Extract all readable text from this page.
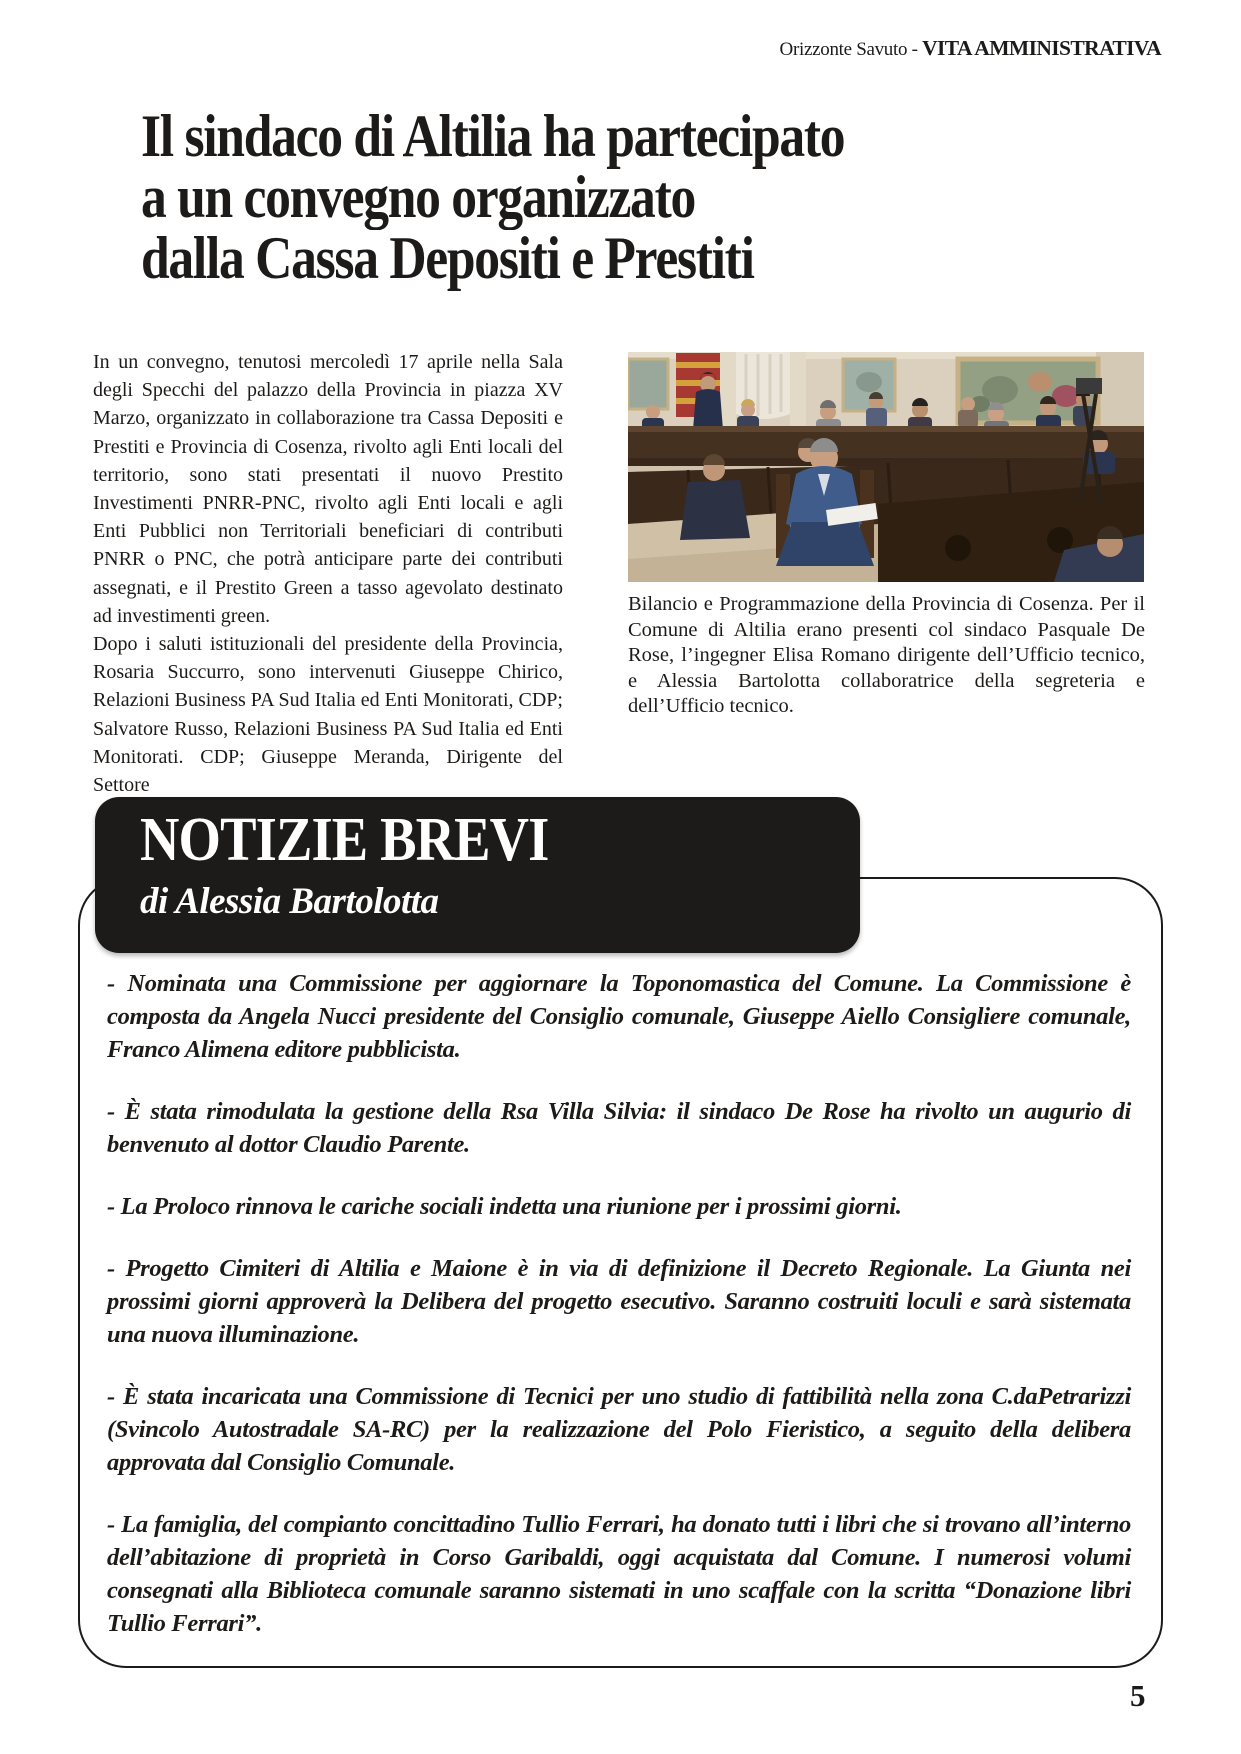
Orizzonte Savuto - VITA AMMINISTRATIVA
Il sindaco di Altilia ha partecipato
a un convegno organizzato
dalla Cassa Depositi e Prestiti

In un convegno, tenutosi mercoledì 17 aprile nella Sala degli Specchi del palazzo della Provincia in piazza XV Marzo, organizzato in collaborazione tra Cassa Depositi e Prestiti e Provincia di Cosenza, rivolto agli Enti locali del territorio, sono stati presentati il nuovo Prestito Investimenti PNRR-PNC, rivolto agli Enti locali e agli Enti Pubblici non Territoriali beneficiari di contributi PNRR o PNC, che potrà anticipare parte dei contributi assegnati, e il Prestito Green a tasso agevolato destinato ad investimenti green.

Dopo i saluti istituzionali del presidente della Provincia, Rosaria Succurro, sono intervenuti Giuseppe Chirico, Relazioni Business PA Sud Italia ed Enti Monitorati, CDP; Salvatore Russo, Relazioni Business PA Sud Italia ed Enti Monitorati. CDP; Giuseppe Meranda, Dirigente del Settore

Bilancio e Programmazione della Provincia di Cosenza. Per il Comune di Altilia erano presenti col sindaco Pasquale De Rose, l’ingegner Elisa Romano dirigente dell’Ufficio tecnico, e Alessia Bartolotta collaboratrice della segreteria e dell’Ufficio tecnico.

- Nominata una Commissione per aggiornare la Toponomastica del Comune. La Commissione è composta da Angela Nucci presidente del Consiglio comunale, Giuseppe Aiello Consigliere comunale, Franco Alimena editore pubblicista.

- È stata rimodulata la gestione della Rsa Villa Silvia: il sindaco De Rose ha rivolto un augurio di benvenuto al dottor Claudio Parente.

- La Proloco rinnova le cariche sociali indetta una riunione per i prossimi giorni.

- Progetto Cimiteri di Altilia e Maione è in via di definizione il Decreto Regionale. La Giunta nei prossimi giorni approverà la Delibera del progetto esecutivo. Saranno costruiti loculi e sarà sistemata una nuova illuminazione.

- È stata incaricata una Commissione di Tecnici per uno studio di fattibilità nella zona C.daPetrarizzi (Svincolo Autostradale SA-RC) per la realizzazione del Polo Fieristico, a seguito della delibera approvata dal Consiglio Comunale.

- La famiglia, del compianto concittadino Tullio Ferrari, ha donato tutti i libri che si trovano all’interno dell’abitazione di proprietà in Corso Garibaldi, oggi acquistata dal Comune. I numerosi volumi consegnati alla Biblioteca comunale saranno sistemati in uno scaffale con la scritta “Donazione libri Tullio Ferrari”.

NOTIZIE BREVI
di Alessia Bartolotta
5
